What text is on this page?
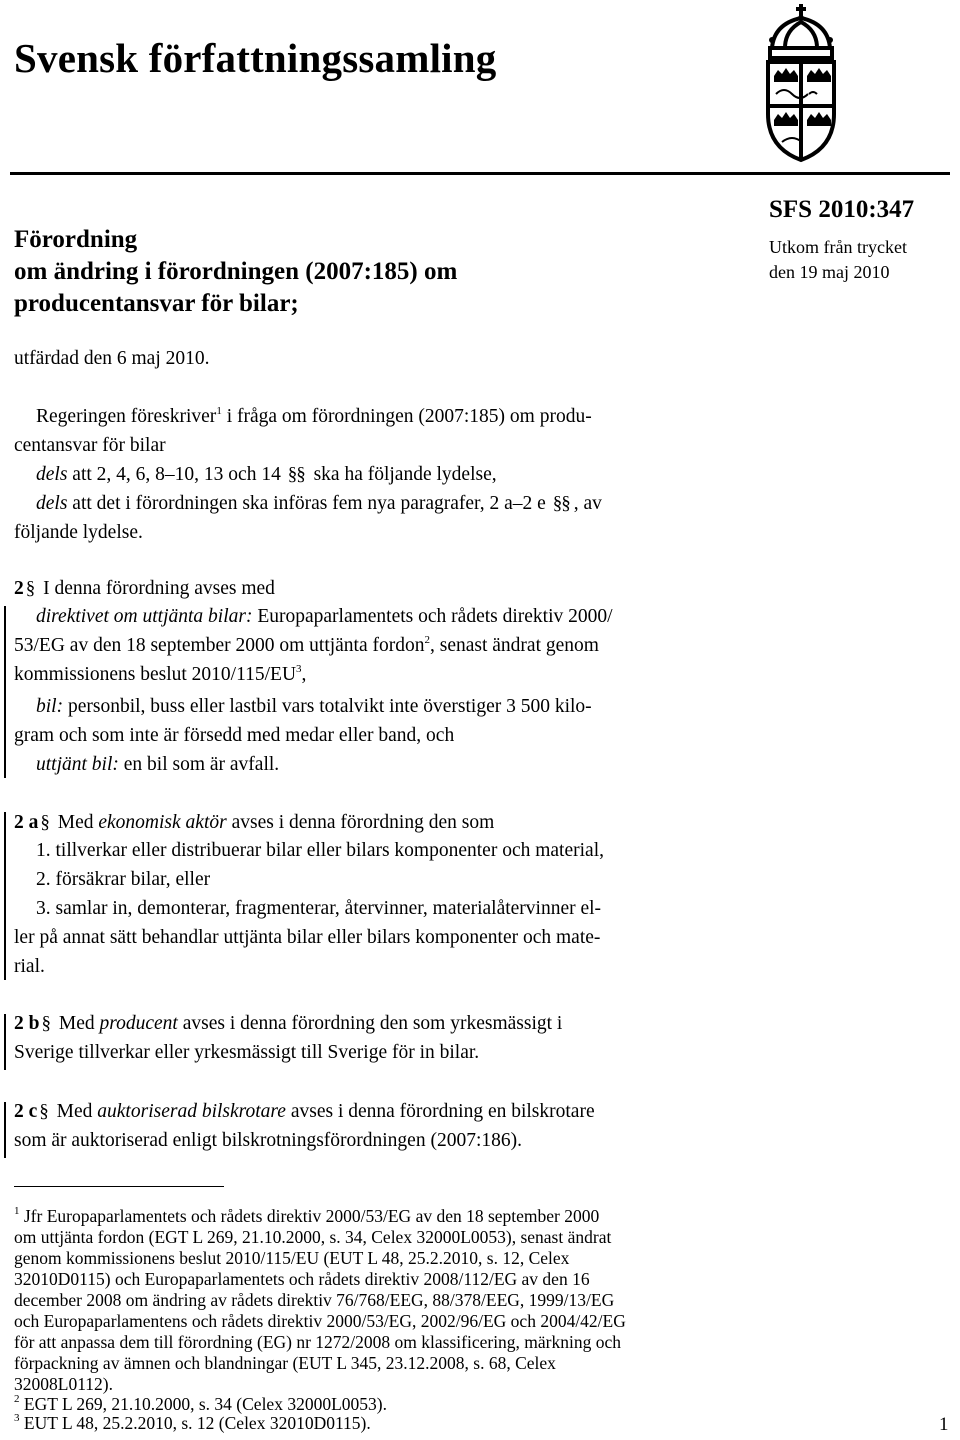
Svensk författningssamling
Förordning
om ändring i förordningen (2007:185) om
producentansvar för bilar;
SFS 2010:347
Utkom från trycket
den 19 maj 2010
utfärdad den 6 maj 2010.
Regeringen föreskriver$^1$ i fråga om förordningen (2007:185) om produ-
centansvar för bilar
dels att 2, 4, 6, 8–10, 13 och 14 §§ ska ha följande lydelse,
dels att det i förordningen ska införas fem nya paragrafer, 2 a–2 e §§ , av
följande lydelse.
2 § I denna förordning avses med
direktivet om uttjänta bilar: Europaparlamentets och rådets direktiv 2000/
53/EG av den 18 september 2000 om uttjänta fordon$^2$, senast ändrat genom
kommissionens beslut $2010/115/EU^3$,
bil: personbil, buss eller lastbil vars totalvikt inte överstiger 3 500 kilo-
gram och som inte är försedd med medar eller band, och
uttjänt bil: en bil som är avfall.
2 a § Med ekonomisk aktör avses i denna förordning den som
1. tillverkar eller distribuerar bilar eller bilars komponenter och material,
2. försäkrar bilar, eller
3. samlar in, demonterar, fragmenterar, återvinner, materialåtervinner el-
ler på annat sätt behandlar uttjänta bilar eller bilars komponenter och mate-
rial.
2 b § Med producent avses i denna förordning den som yrkesmässigt i
Sverige tillverkar eller yrkesmässigt till Sverige för in bilar.
2 c § Med auktoriserad bilskrotare avses i denna förordning en bilskrotare
som är auktoriserad enligt bilskrotningsförordningen (2007:186).
$^1$ Jfr Europaparlamentets och rådets direktiv 2000/53/EG av den 18 september 2000
om uttjänta fordon (EGT L 269, 21.10.2000, s. 34, Celex 32000L0053), senast ändrat
genom kommissionens beslut 2010/115/EU (EUT L 48, 25.2.2010, s. 12, Celex
32010D0115) och Europaparlamentets och rådets direktiv 2008/112/EG av den 16
december 2008 om ändring av rådets direktiv 76/768/EEG, 88/378/EEG, 1999/13/EG
och Europaparlamentens och rådets direktiv 2000/53/EG, 2002/96/EG och 2004/42/EG
för att anpassa dem till förordning (EG) nr 1272/2008 om klassificering, märkning och
förpackning av ämnen och blandningar (EUT L 345, 23.12.2008, s. 68, Celex
32008L0112).
$^2$ EGT L 269, 21.10.2000, s. 34 (Celex 32000L0053).
$^3$ EUT L 48, 25.2.2010, s. 12 (Celex 32010D0115).	1
